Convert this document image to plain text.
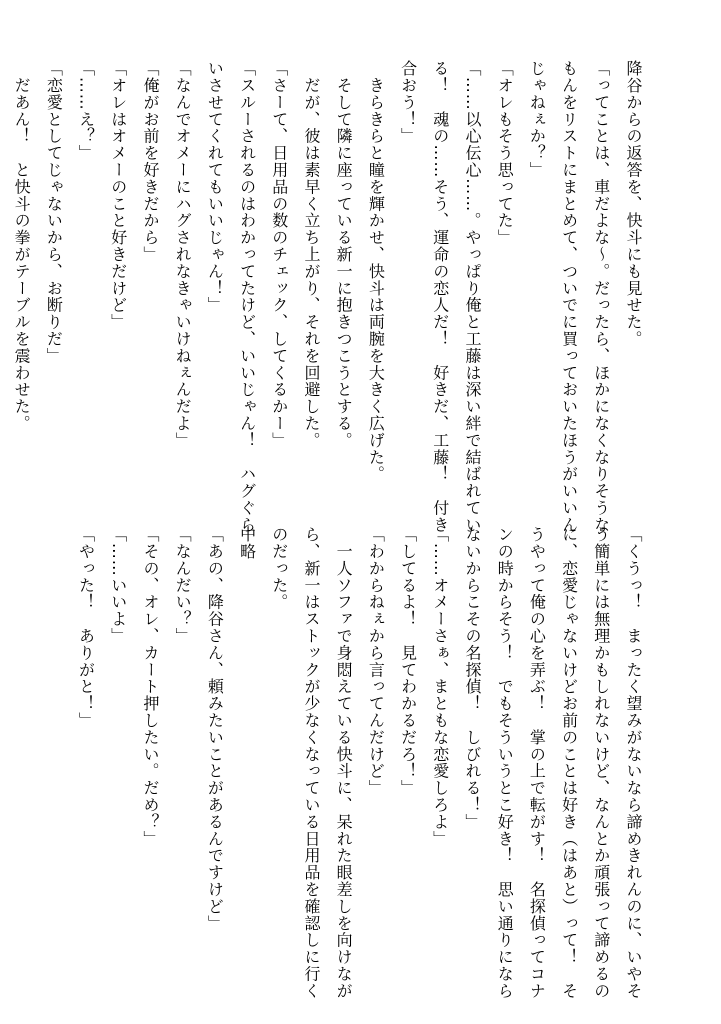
降谷からの返答を、快斗にも見せた。

「ってことは、車だよな～。だったら、ほかになくなりそうな

もんをリストにまとめて、ついでに買っておいたほうがいいん

じゃねぇか？」

「オレもそう思ってた」

「……以心伝心……。やっぱり俺と工藤は深い絆で結ばれてい

る！　魂の……そう、運命の恋人だ！　好きだ、工藤！　付き

合おう！」

　きらきらと瞳を輝かせ、快斗は両腕を大きく広げた。

　そして隣に座っている新一に抱きつこうとする。

　だが、彼は素早く立ち上がり、それを回避した。

「さーて、日用品の数のチェック、してくるかー」

「スルーされるのはわかってたけど、いいじゃん！　ハグぐら

いさせてくれてもいいじゃん！」

「なんでオメーにハグされなきゃいけねぇんだよ」

「俺がお前を好きだから」

「オレはオメーのこと好きだけど」

「……え？」

「恋愛としてじゃないから、お断りだ」

　だあん！　と快斗の拳がテーブルを震わせた。

「くうっ！　まったく望みがないなら諦めきれんのに、いやそ

う簡単には無理かもしれないけど、なんとか頑張って諦めるの

に、恋愛じゃないけどお前のことは好き（はあと）って！　そ

うやって俺の心を弄ぶ！　掌の上で転がす！　名探偵ってコナ

ンの時からそう！　でもそういうとこ好き！　思い通りになら

ないからこその名探偵！　しびれる！」

「……オメーさぁ、まともな恋愛しろよ」

「してるよ！　見てわかるだろ！」

「わからねぇから言ってんだけど」

　一人ソファで身悶えている快斗に、呆れた眼差しを向けなが

ら、新一はストックが少なくなっている日用品を確認しに行く

のだった。

中略

「あの、降谷さん、頼みたいことがあるんですけど」

「なんだい？」

「その、オレ、カート押したい。だめ？」

「……いいよ」

「やった！　ありがと！」
